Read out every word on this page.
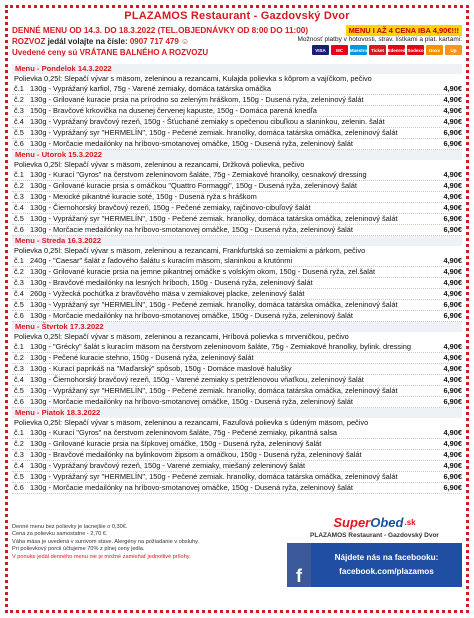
PLAZAMOS Restaurant - Gazdovský Dvor
DENNÉ MENU OD 14.3. DO 18.3.2022 (TEL.OBJEDNÁVKY OD 8:00 DO 11:00)	MENU I AŽ 4 CENA IBA 4,90€!!!
ROZVOZ jedál volajte na čísle: 0907 717 479 ☺
Uvedené ceny sú VRÁTANE BALNÉHO A ROZVOZU
Možnosť platby v hotovosti, strav. lístkami a plat. kartami:
VISA	MC	Maestro Ticket Edenred Sodexo	Doxx	Up
Menu - Pondelok 14.3.2022
Polievka 0,25l: Slepačí vývar s mäsom, zeleninou a rezancami, Kulajda polievka s kôprom a vajíčkom, pečivo
č.1 130g - Vyprážaný karfiol, 75g - Varené zemiaky, domáca tatárska omáčka	4,90€
č.2 130g - Grilované kuracie prsia na prírodno so zeleným hráškom, 150g - Dusená ryža, zeleninový šalát	4,90€
č.3 150g - Bravčové krkovička na dusenej červenej kapuste, 150g - Domáca parená knedľa	4,90€
č.4 130g - Vyprážaný bravčový rezeň, 150g - Šťuchané zemiaky s opečenou cibuľkou a slaninkou, zelenin. šalát	4,90€
č.5 130g - Vyprážaný syr "HERMELÍN", 150g - Pečené zemiak. hranolky, domáca tatárska omáčka, zeleninový šalát	6,90€
č.6 130g - Morčacie medailónky na hríbovo-smotanovej omáčke, 150g - Dusená ryža, zeleninový šalát	6,90€
Menu - Utorok 15.3.2022
Polievka 0,25l: Slepačí vývar s mäsom, zeleninou a rezancami, Držková polievka, pečivo
č.1 130g - Kurací "Gyros" na čerstvom zeleninovom šaláte, 75g - Zemiakové hranolky, cesnakový dressing	4,90€
č.2 130g - Grilované kuracie prsia s omáčkou "Quattro Formaggi", 150g - Dusená ryža, zeleninový šalát	4,90€
č.3 130g - Mexické pikantné kuracie soté, 150g - Dusená ryža s hráškom	4,90€
č.4 130g - Čiernohorský bravčový rezeň, 150g - Pečené zemiaky, rajčinovo-cibuľový šalát	4,90€
č.5 130g - Vyprážaný syr "HERMELÍN", 150g - Pečené zemiak. hranolky, domáca tatárska omáčka, zeleninový šalát	6,90€
č.6 130g - Morčacie medailónky na hríbovo-smotanovej omáčke, 150g - Dusená ryža, zeleninový šalát	6,90€
Menu - Streda 16.3.2022
Polievka 0,25l: Slepačí vývar s mäsom, zeleninou a rezancami, Frankfurtská so zemiakmi a párkom, pečivo
č.1 240g - "Caesar" šalát z ľadového šalátu s kuracím mäsom, slaninkou a krutónmi	4,90€
č.2 130g - Grilované kuracie prsia na jemne pikantnej omáčke s volským okom, 150g - Dusená ryža, zel.šalát	4,90€
č.3 130g - Bravčové medailónky na lesných hríboch, 150g - Dusená ryža, zeleninový šalát	4,90€
č.4 260g - Vyžecká pochúťka z bravčového mäsa v zemiakovej placke, zeleninový šalát	4,90€
č.5 130g - Vyprážaný syr "HERMELÍN", 150g - Pečené zemiak. hranolky, domáca tatárska omáčka, zeleninový šalát	6,90€
č.6 130g - Morčacie medailónky na hríbovo-smotanovej omáčke, 150g - Dusená ryža, zeleninový šalát	6,90€
Menu - Štvrtok 17.3.2022
Polievka 0,25l: Slepačí vývar s mäsom, zeleninou a rezancami, Hríbová polievka s mrveničkou, pečivo
č.1 130g - "Grécky" šalát s kuracím mäsom na čerstvom zeleninovom šaláte, 75g - Zemiakové hranolky, bylink. dressing	4,90€
č.2 130g - Pečené kuracie stehno, 150g - Dusená ryža, zeleninový šalát	4,90€
č.3 130g - Kurací paprikáš na "Maďarský" spôsob, 150g - Domáce maslové halušky	4,90€
č.4 130g - Čiernohorský bravčový rezeň, 150g - Varené zemiaky s petržlenovou vňaťkou, zeleninový šalát	4,90€
č.5 130g - Vyprážaný syr "HERMELÍN", 150g - Pečené zemiak. hranolky, domáca tatárska omáčka, zeleninový šalát	6,90€
č.6 130g - Morčacie medailónky na hríbovo-smotanovej omáčke, 150g - Dusená ryža, zeleninový šalát	6,90€
Menu - Piatok 18.3.2022
Polievka 0,25l: Slepačí vývar s mäsom, zeleninou a rezancami, Fazuľová polievka s údeným mäsom, pečivo
č.1 130g - Kurací "Gyros" na čerstvom zeleninovom šaláte, 75g - Pečené zemiaky, pikantná salsa	4,90€
č.2 130g - Grilované kuracie prsia na šípkovej omáčke, 150g - Dusená ryža, zeleninový šalát	4,90€
č.3 130g - Bravčové medailónky na bylinkovom žipsom a omáčkou, 150g - Dusená ryža, zeleninový šalát	4,90€
č.4 130g - Vyprážaný bravčový rezeň, 150g - Varené zemiaky, miešaný zeleninový šalát	4,90€
č.5 130g - Vyprážaný syr "HERMELÍN", 150g - Pečené zemiak. hranolky, domáca tatárska omáčka, zeleninový šalát	6,90€
č.6 130g - Morčacie medailónky na hríbovo-smotanovej omáčke, 150g - Dusená ryža, zeleninový šalát	6,90€
Denné menu bez polievky je lacnejšie o 0,30€.
Cena za polievku samostatne - 2,70 €.
Váha mäsa je uvedená v surovom stave. Alergény na požiadanie v obsluhy.
Pri polievkový porcii účtujeme 70% z plnej ceny jedla.
V ponuke jedál denného menu nie je možné zamieňať jednotlivé prílohy.
Super Obed .sk
PLAZAMOS Restaurant - Gazdovský Dvor
f
Nájdete nás na facebooku:
facebook.com/plazamos
